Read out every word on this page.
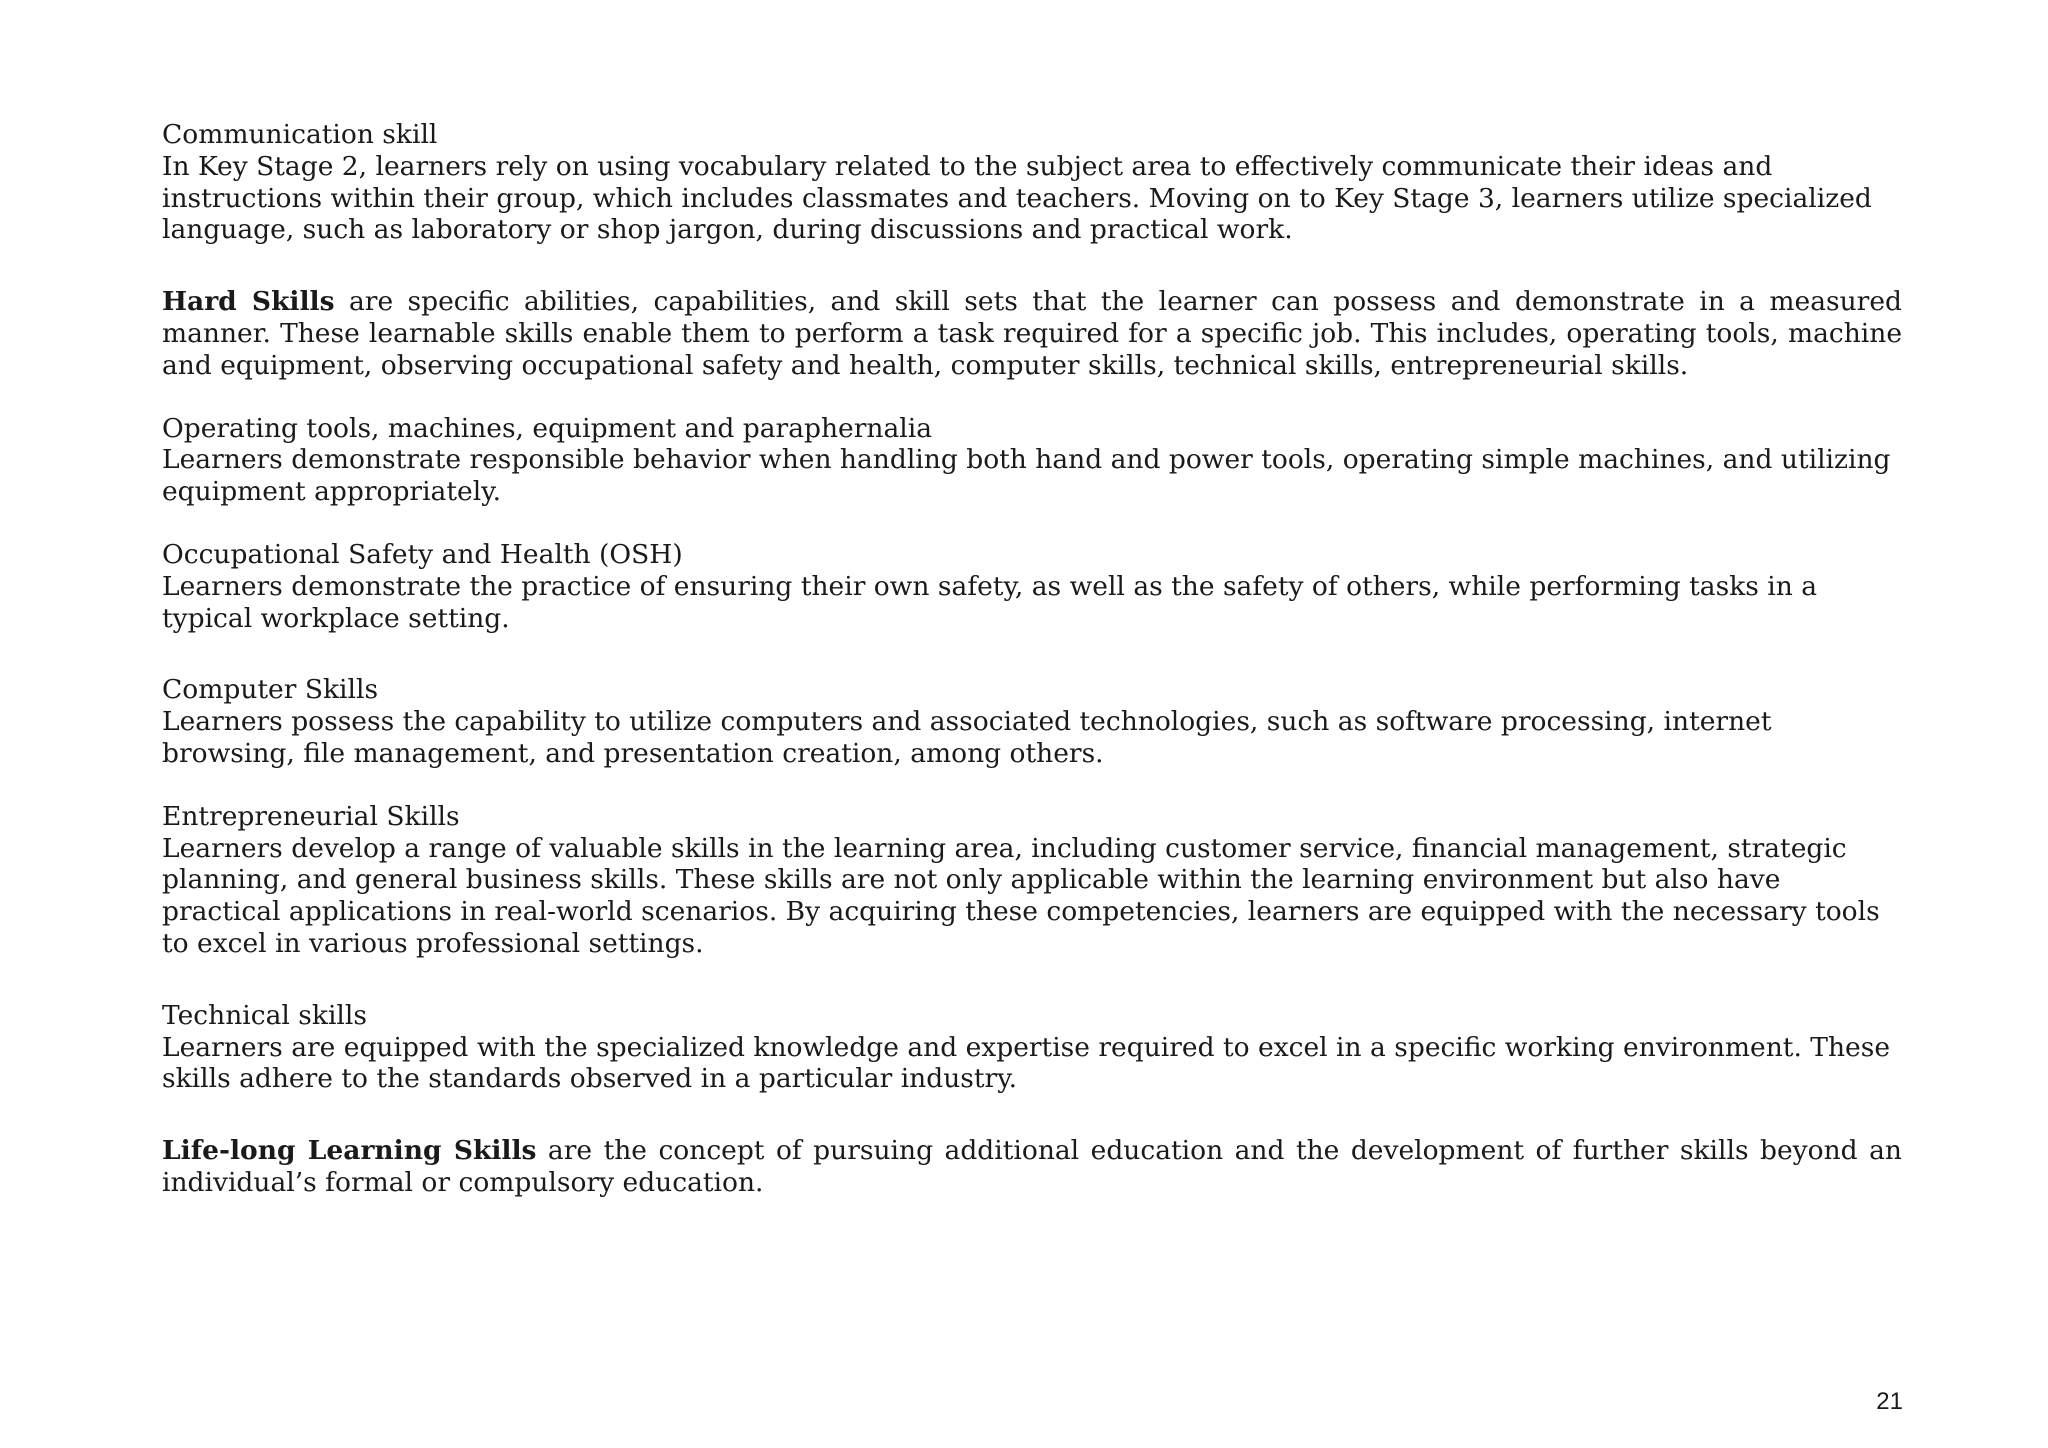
Communication skill

In Key Stage 2, learners rely on using vocabulary related to the subject area to effectively communicate their ideas and instructions within their group, which includes classmates and teachers. Moving on to Key Stage 3, learners utilize specialized language, such as laboratory or shop jargon, during discussions and practical work.

Hard Skills are specific abilities, capabilities, and skill sets that the learner can possess and demonstrate in a measured manner. These learnable skills enable them to perform a task required for a specific job. This includes, operating tools, machine and equipment, observing occupational safety and health, computer skills, technical skills, entrepreneurial skills.

Operating tools, machines, equipment and paraphernalia

Learners demonstrate responsible behavior when handling both hand and power tools, operating simple machines, and utilizing equipment appropriately.

Occupational Safety and Health (OSH)

Learners demonstrate the practice of ensuring their own safety, as well as the safety of others, while performing tasks in a typical workplace setting.

Computer Skills

Learners possess the capability to utilize computers and associated technologies, such as software processing, internet browsing, file management, and presentation creation, among others.

Entrepreneurial Skills

Learners develop a range of valuable skills in the learning area, including customer service, financial management, strategic planning, and general business skills. These skills are not only applicable within the learning environment but also have practical applications in real-world scenarios. By acquiring these competencies, learners are equipped with the necessary tools to excel in various professional settings.

Technical skills

Learners are equipped with the specialized knowledge and expertise required to excel in a specific working environment. These skills adhere to the standards observed in a particular industry.

Life-long Learning Skills are the concept of pursuing additional education and the development of further skills beyond an individual’s formal or compulsory education.

21
